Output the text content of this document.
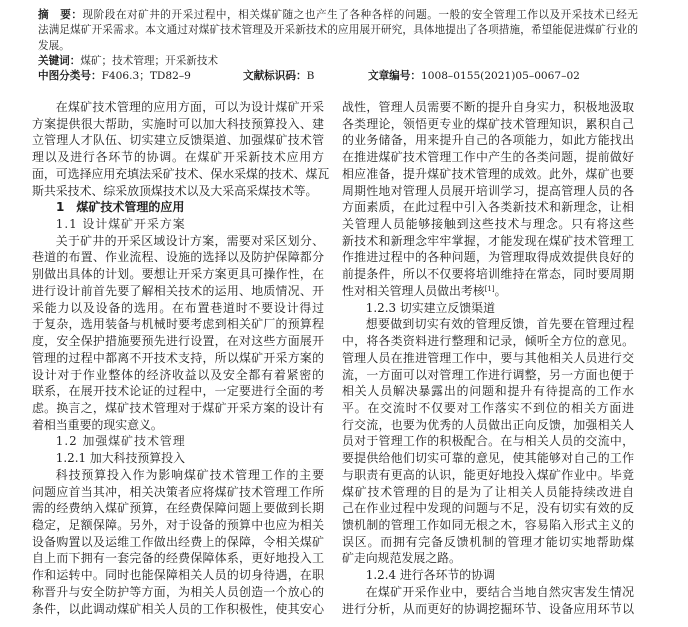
摘　要：现阶段在对矿井的开采过程中，相关煤矿随之也产生了各种各样的问题。一般的安全管理工作以及开采技术已经无
法满足煤矿开采需求。本文通过对煤矿技术管理及开采新技术的应用展开研究，具体地提出了各项措施，希望能促进煤矿行业的
发展。
关键词：煤矿；技术管理；开采新技术
中图分类号：F406.3；TD82–9	文献标识码：B	文章编号：1008–0155(2021)05–0067–02
在煤矿技术管理的应用方面，可以为设计煤矿开采
方案提供很大帮助，实施时可以加大科技预算投入、建
立管理人才队伍、切实建立反馈渠道、加强煤矿技术管
理以及进行各环节的协调。在煤矿开采新技术应用方
面，可选择应用充填法采矿技术、保水采煤的技术、煤瓦
斯共采技术、综采放顶煤技术以及大采高采煤技术等。
1　煤矿技术管理的应用
1.1 设计煤矿开采方案
关于矿井的开采区域设计方案，需要对采区划分、
巷道的布置、作业流程、设施的选择以及防护保障都分
别做出具体的计划。要想让开采方案更具可操作性，在
进行设计前首先要了解相关技术的运用、地质情况、开
采能力以及设备的选用。在布置巷道时不要设计得过
于复杂，选用装备与机械时要考虑到相关矿厂的预算程
度，安全保护措施要预先进行设置，在对这些方面展开
管理的过程中都离不开技术支持，所以煤矿开采方案的
设计对于作业整体的经济收益以及安全都有着紧密的
联系，在展开技术论证的过程中，一定要进行全面的考
虑。换言之，煤矿技术管理对于煤矿开采方案的设计有
着相当重要的现实意义。
1.2 加强煤矿技术管理
1.2.1 加大科技预算投入
科技预算投入作为影响煤矿技术管理工作的主要
问题应首当其冲，相关决策者应将煤矿技术管理工作所
需的经费纳入煤矿预算，在经费保障问题上要做到长期
稳定，足额保障。另外，对于设备的预算中也应为相关
设备购置以及运维工作做出经费上的保障，令相关煤矿
自上而下拥有一套完备的经费保障体系，更好地投入工
作和运转中。同时也能保障相关人员的切身待遇，在职
称晋升与安全防护等方面，为相关人员创造一个放心的
条件，以此调动煤矿相关人员的工作积极性，使其安心
战性，管理人员需要不断的提升自身实力，积极地汲取
各类理论，领悟更专业的煤矿技术管理知识，累积自己
的业务储备，用来提升自己的各项能力，如此方能找出
在推进煤矿技术管理工作中产生的各类问题，提前做好
相应准备，提升煤矿技术管理的成效。此外，煤矿也要
周期性地对管理人员展开培训学习，提高管理人员的各
方面素质，在此过程中引入各类新技术和新理念，让相
关管理人员能够接触到这些技术与理念。只有将这些
新技术和新理念牢牢掌握，才能发现在煤矿技术管理工
作推进过程中的各种问题，为管理取得成效提供良好的
前提条件，所以不仅要将培训维持在常态，同时要周期
性对相关管理人员做出考核[1]。
1.2.3 切实建立反馈渠道
想要做到切实有效的管理反馈，首先要在管理过程
中，将各类资料进行整理和记录，倾听全方位的意见。
管理人员在推进管理工作中，要与其他相关人员进行交
流，一方面可以对管理工作进行调整，另一方面也便于
相关人员解决暴露出的问题和提升有待提高的工作水
平。在交流时不仅要对工作落实不到位的相关方面进
行交流，也要为优秀的人员做出正向反馈，加强相关人
员对于管理工作的积极配合。在与相关人员的交流中，
要提供给他们切实可靠的意见，使其能够对自己的工作
与职责有更高的认识，能更好地投入煤矿作业中。毕竟
煤矿技术管理的目的是为了让相关人员能持续改进自
己在作业过程中发现的问题与不足，没有切实有效的反
馈机制的管理工作如同无根之木，容易陷入形式主义的
误区。而拥有完备反馈机制的管理才能切实地帮助煤
矿走向规范发展之路。
1.2.4 进行各环节的协调
在煤矿开采作业中，要结合当地自然灾害发生情况
进行分析，从而更好的协调挖掘环节、设备应用环节以
